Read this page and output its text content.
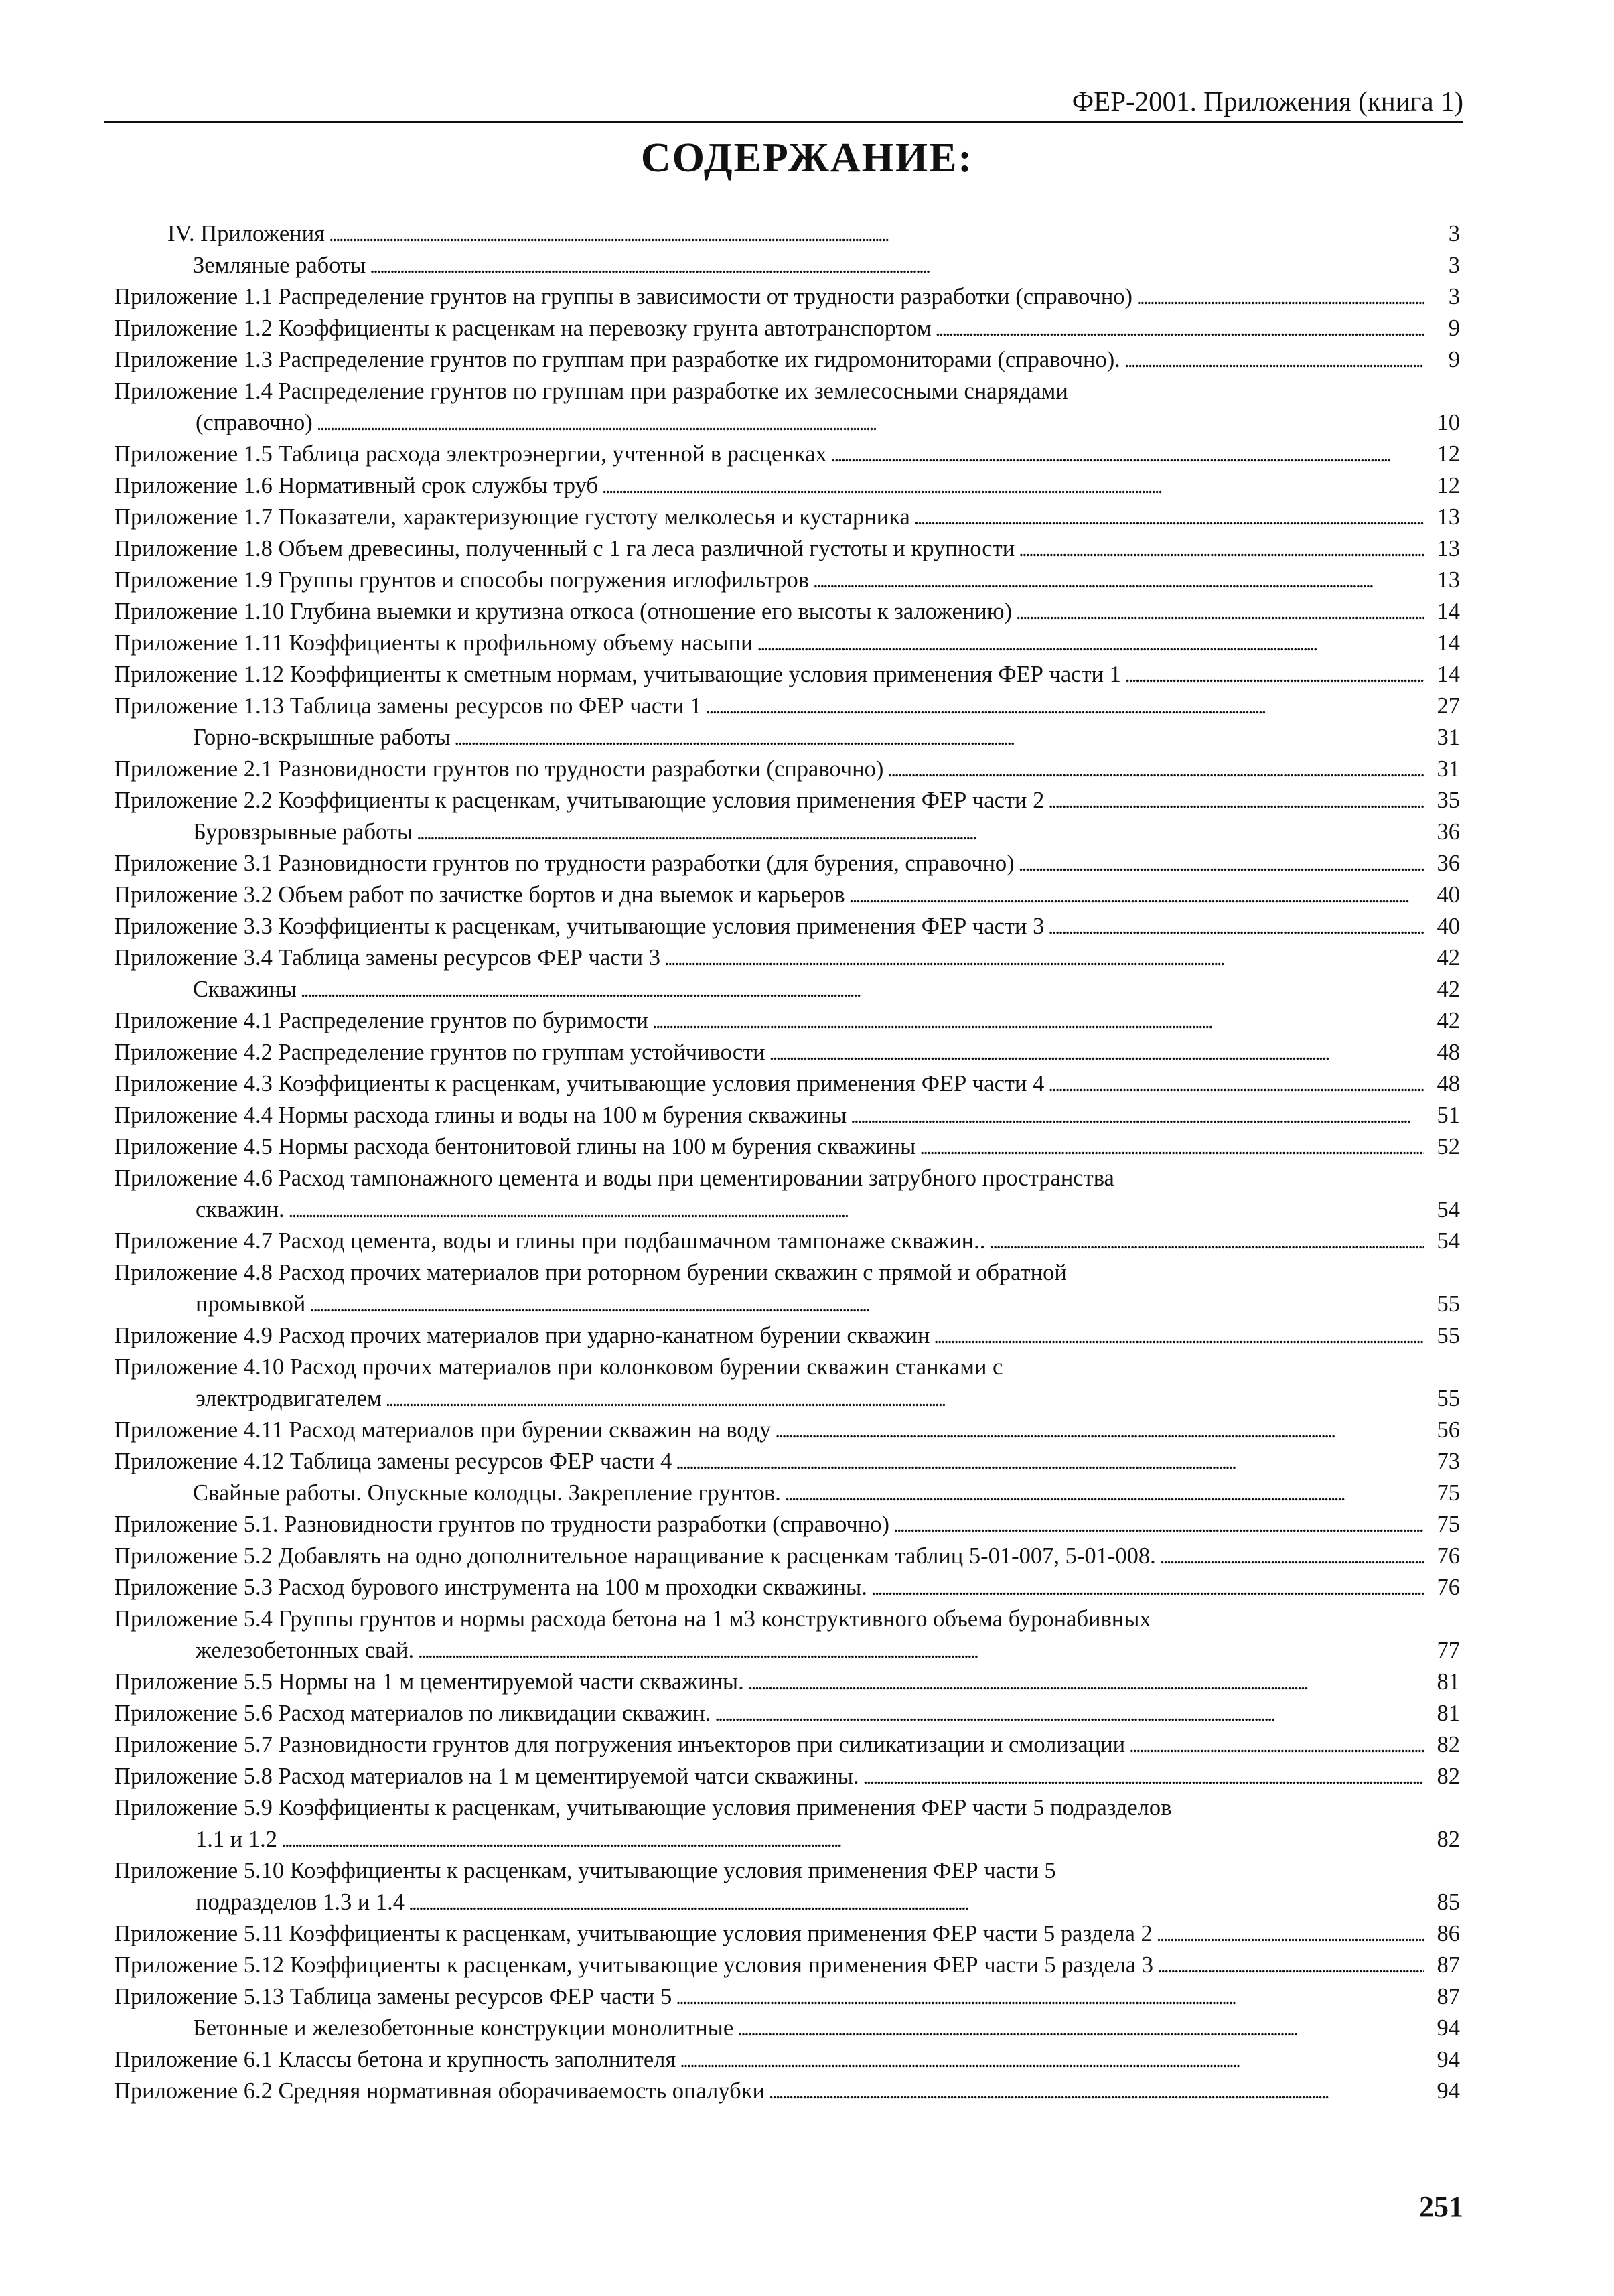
ФЕР-2001. Приложения (книга 1)
СОДЕРЖАНИЕ:
IV. Приложения . . .	3
Земляные работы . . .	3
Приложение 1.1 Распределение грунтов на группы в зависимости от трудности разработки (справочно) . . .	3
Приложение 1.2 Коэффициенты к расценкам на перевозку грунта автотранспортом . . .	9
Приложение 1.3 Распределение грунтов по группам при разработке их гидромониторами (справочно). . . .	9
Приложение 1.4 Распределение грунтов по группам при разработке их землесосными снарядами
(справочно) . . .	10
Приложение 1.5 Таблица расхода электроэнергии, учтенной в расценках . . .	12
Приложение 1.6 Нормативный срок службы труб . . .	12
Приложение 1.7 Показатели, характеризующие густоту мелколесья и кустарника . . .	13
Приложение 1.8 Объем древесины, полученный с 1 га леса различной густоты и крупности . . .	13
Приложение 1.9 Группы грунтов и способы погружения иглофильтров . . .	13
Приложение 1.10 Глубина выемки и крутизна откоса (отношение его высоты к заложению) . . .	14
Приложение 1.11 Коэффициенты к профильному объему насыпи . . .	14
Приложение 1.12 Коэффициенты к сметным нормам, учитывающие условия применения ФЕР части 1 . . .	14
Приложение 1.13 Таблица замены ресурсов по ФЕР части 1 . . .	27
Горно-вскрышные работы . . .	31
Приложение 2.1 Разновидности грунтов по трудности разработки (справочно) . . .	31
Приложение 2.2 Коэффициенты к расценкам, учитывающие условия применения ФЕР части 2 . . .	35
Буровзрывные работы . . .	36
Приложение 3.1 Разновидности грунтов по трудности разработки (для бурения, справочно) . . .	36
Приложение 3.2 Объем работ по зачистке бортов и дна выемок и карьеров . . .	40
Приложение 3.3 Коэффициенты к расценкам, учитывающие условия применения ФЕР части 3 . . .	40
Приложение 3.4 Таблица замены ресурсов ФЕР части 3 . . .	42
Скважины . . .	42
Приложение 4.1 Распределение грунтов по буримости . . .	42
Приложение 4.2 Распределение грунтов по группам устойчивости . . .	48
Приложение 4.3 Коэффициенты к расценкам, учитывающие условия применения ФЕР части 4 . . .	48
Приложение 4.4 Нормы расхода глины и воды на 100 м бурения скважины . . .	51
Приложение 4.5 Нормы расхода бентонитовой глины на 100 м бурения скважины . . .	52
Приложение 4.6 Расход тампонажного цемента и воды при цементировании затрубного пространства
скважин. . . .	54
Приложение 4.7 Расход цемента, воды и глины при подбашмачном тампонаже скважин.. . . .	54
Приложение 4.8 Расход прочих материалов при роторном бурении скважин с прямой и обратной
промывкой . . .	55
Приложение 4.9 Расход прочих материалов при ударно-канатном бурении скважин . . .	55
Приложение 4.10 Расход прочих материалов при колонковом бурении скважин станками с
электродвигателем . . .	55
Приложение 4.11 Расход материалов при бурении скважин на воду . . .	56
Приложение 4.12 Таблица замены ресурсов ФЕР части 4 . . .	73
Свайные работы. Опускные колодцы. Закрепление грунтов. . . .	75
Приложение 5.1. Разновидности грунтов по трудности разработки (справочно) . . .	75
Приложение 5.2 Добавлять на одно дополнительное наращивание к расценкам таблиц 5-01-007, 5-01-008. . . .	76
Приложение 5.3 Расход бурового инструмента на 100 м проходки скважины. . . .	76
Приложение 5.4 Группы грунтов и нормы расхода бетона на 1 м3 конструктивного объема буронабивных
железобетонных свай. . . .	77
Приложение 5.5 Нормы на 1 м цементируемой части скважины. . . .	81
Приложение 5.6 Расход материалов по ликвидации скважин. . . .	81
Приложение 5.7 Разновидности грунтов для погружения инъекторов при силикатизации и смолизации . . .	82
Приложение 5.8 Расход материалов на 1 м цементируемой чатси скважины. . . .	82
Приложение 5.9 Коэффициенты к расценкам, учитывающие условия применения ФЕР части 5 подразделов
1.1 и 1.2 . . .	82
Приложение 5.10 Коэффициенты к расценкам, учитывающие условия применения ФЕР части 5
подразделов 1.3 и 1.4 . . .	85
Приложение 5.11 Коэффициенты к расценкам, учитывающие условия применения ФЕР части 5 раздела 2 . . .	86
Приложение 5.12 Коэффициенты к расценкам, учитывающие условия применения ФЕР части 5 раздела 3 . . .	87
Приложение 5.13 Таблица замены ресурсов ФЕР части 5 . . .	87
Бетонные и железобетонные конструкции монолитные . . .	94
Приложение 6.1 Классы бетона и крупность заполнителя . . .	94
Приложение 6.2 Средняя нормативная оборачиваемость опалубки . . .	94
251
